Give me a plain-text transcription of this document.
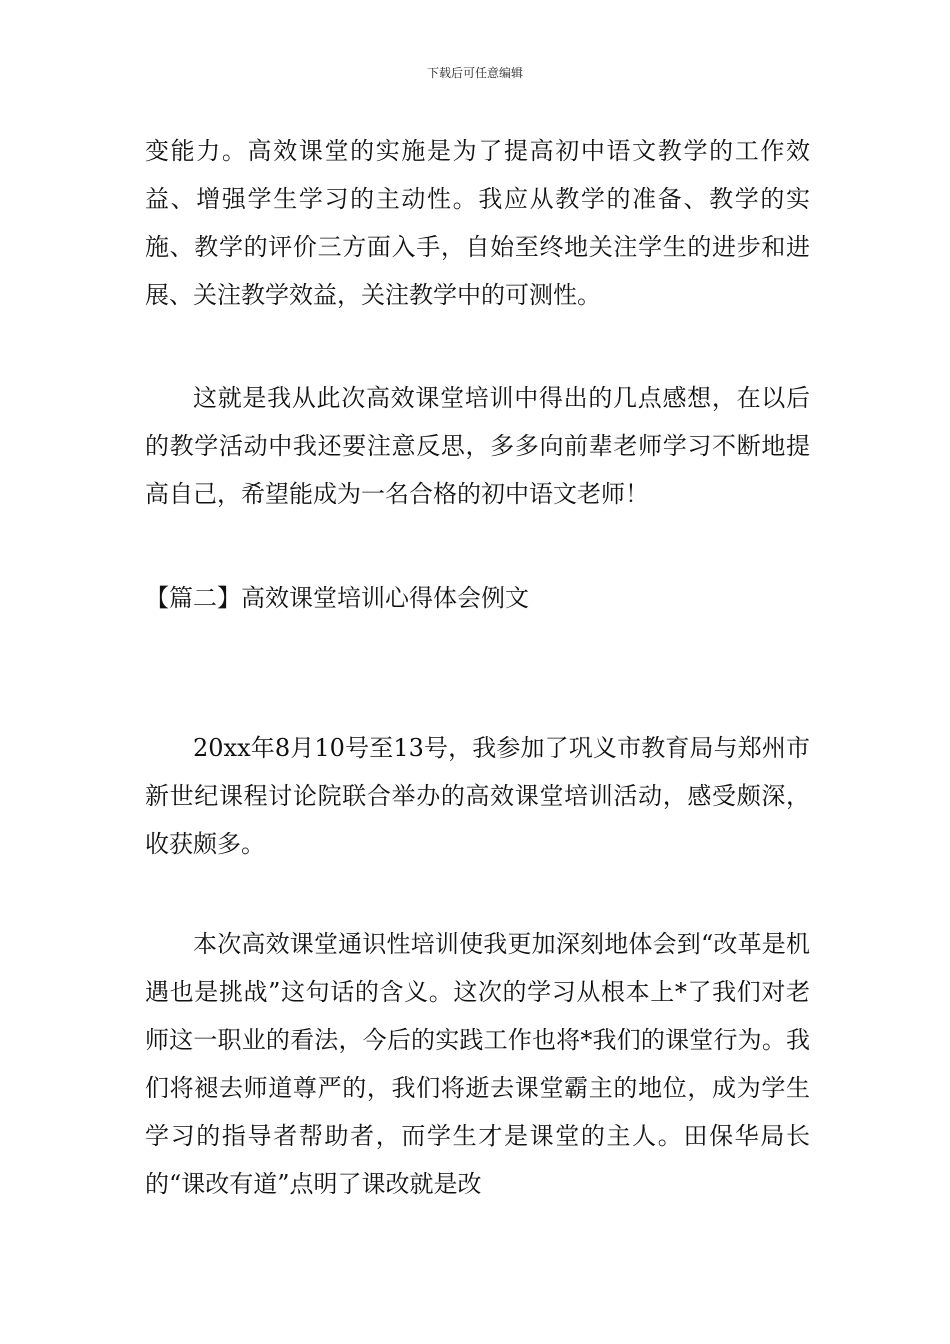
下载后可任意编辑

变能力。高效课堂的实施是为了提高初中语文教学的工作效益、增强学生学习的主动性。我应从教学的准备、教学的实施、教学的评价三方面入手，自始至终地关注学生的进步和进展、关注教学效益，关注教学中的可测性。

这就是我从此次高效课堂培训中得出的几点感想，在以后的教学活动中我还要注意反思，多多向前辈老师学习不断地提高自己，希望能成为一名合格的初中语文老师！

【篇二】高效课堂培训心得体会例文

20xx年8月10号至13号，我参加了巩义市教育局与郑州市新世纪课程讨论院联合举办的高效课堂培训活动，感受颇深，收获颇多。

本次高效课堂通识性培训使我更加深刻地体会到“改革是机遇也是挑战”这句话的含义。这次的学习从根本上*了我们对老师这一职业的看法，今后的实践工作也将*我们的课堂行为。我们将褪去师道尊严的，我们将逝去课堂霸主的地位，成为学生学习的指导者帮助者，而学生才是课堂的主人。田保华局长的“课改有道”点明了课改就是改
